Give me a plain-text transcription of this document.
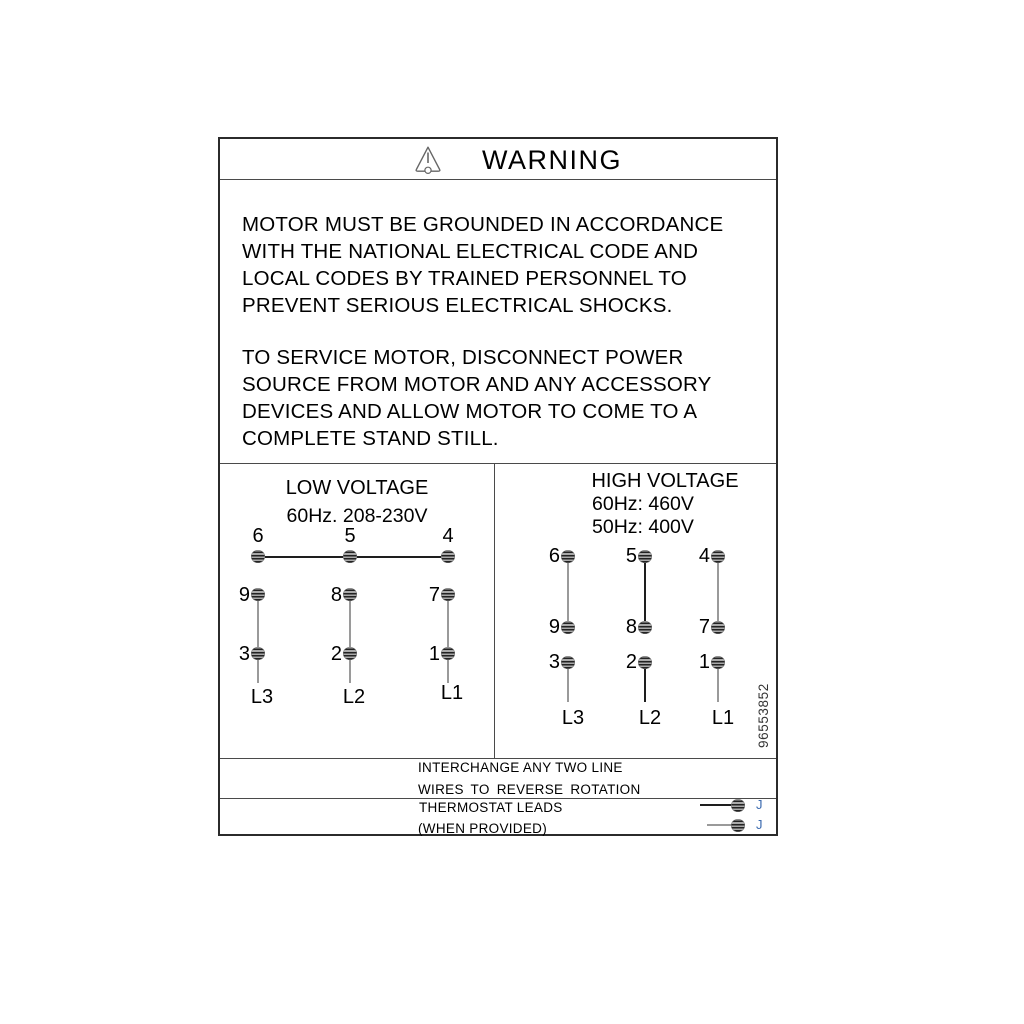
WARNING
MOTOR MUST BE GROUNDED IN ACCORDANCE
WITH THE NATIONAL ELECTRICAL CODE AND
LOCAL CODES BY TRAINED PERSONNEL TO
PREVENT SERIOUS ELECTRICAL SHOCKS.
TO SERVICE MOTOR, DISCONNECT POWER
SOURCE FROM MOTOR AND ANY ACCESSORY
DEVICES AND ALLOW MOTOR TO COME TO A
COMPLETE STAND STILL.
LOW VOLTAGE
60Hz. 208-230V
6	5	4
9	8	7
3	2	1
L3	L2	L1
HIGH VOLTAGE
60Hz: 460V
50Hz: 400V
6	5	4
9	8	7
3	2	1
L3	L2	L1 96553852
INTERCHANGE ANY TWO LINE
WIRES TO REVERSE ROTATION
THERMOSTAT LEADS
(WHEN PROVIDED)
J
J
